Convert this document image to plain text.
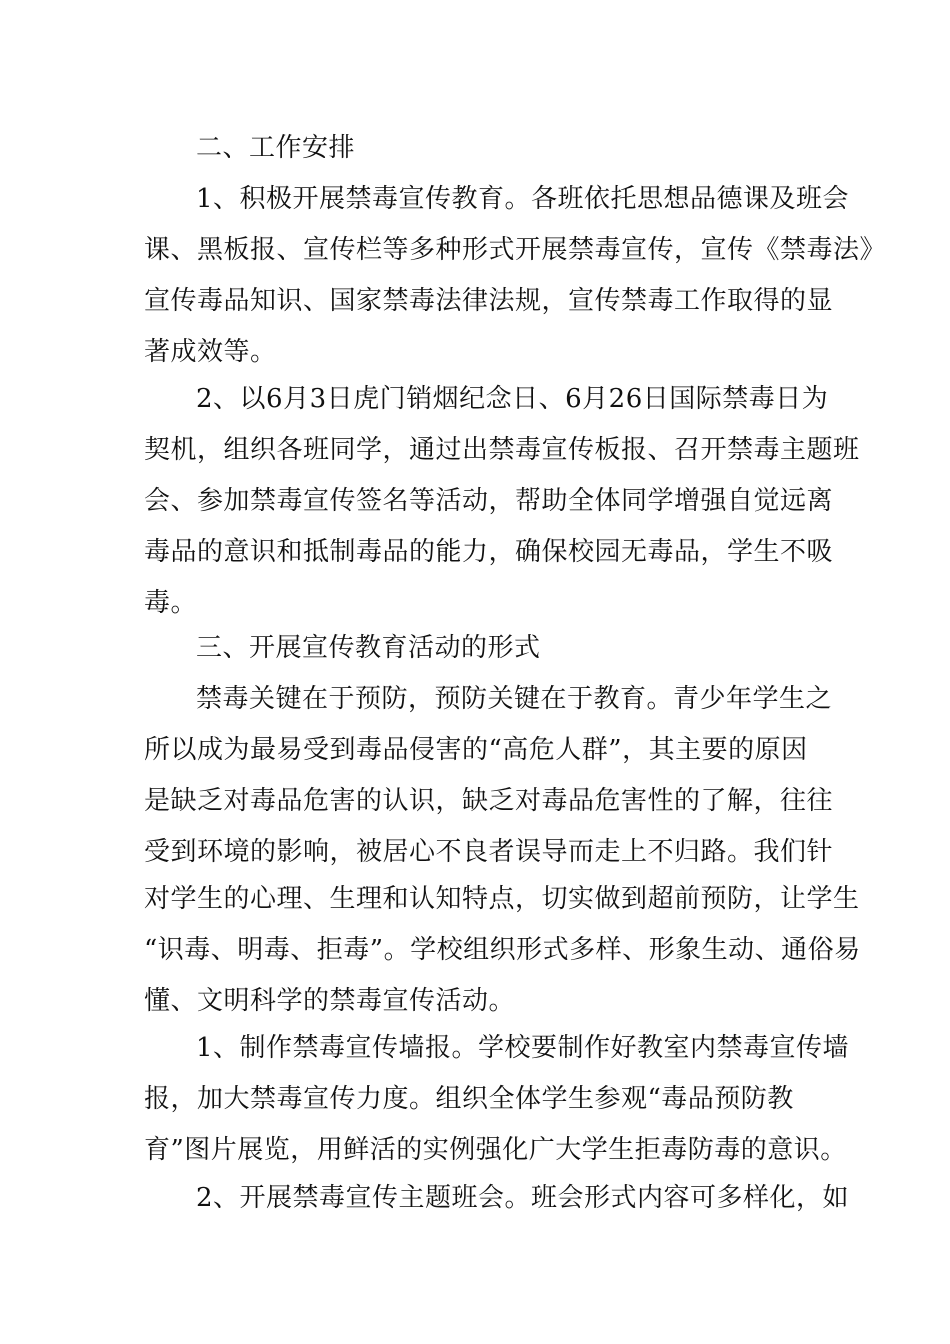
二、工作安排
1、积极开展禁毒宣传教育。各班依托思想品德课及班会
课、黑板报、宣传栏等多种形式开展禁毒宣传，宣传《禁毒法》
宣传毒品知识、国家禁毒法律法规，宣传禁毒工作取得的显
著成效等。
2、以6月3日虎门销烟纪念日、6月26日国际禁毒日为
契机，组织各班同学，通过出禁毒宣传板报、召开禁毒主题班
会、参加禁毒宣传签名等活动，帮助全体同学增强自觉远离
毒品的意识和抵制毒品的能力，确保校园无毒品，学生不吸
毒。
三、开展宣传教育活动的形式
禁毒关键在于预防，预防关键在于教育。青少年学生之
所以成为最易受到毒品侵害的“高危人群”，其主要的原因
是缺乏对毒品危害的认识，缺乏对毒品危害性的了解，往往
受到环境的影响，被居心不良者误导而走上不归路。我们针
对学生的心理、生理和认知特点，切实做到超前预防，让学生
“识毒、明毒、拒毒”。学校组织形式多样、形象生动、通俗易
懂、文明科学的禁毒宣传活动。
1、制作禁毒宣传墙报。学校要制作好教室内禁毒宣传墙
报，加大禁毒宣传力度。组织全体学生参观“毒品预防教
育”图片展览，用鲜活的实例强化广大学生拒毒防毒的意识。
2、开展禁毒宣传主题班会。班会形式内容可多样化，如
